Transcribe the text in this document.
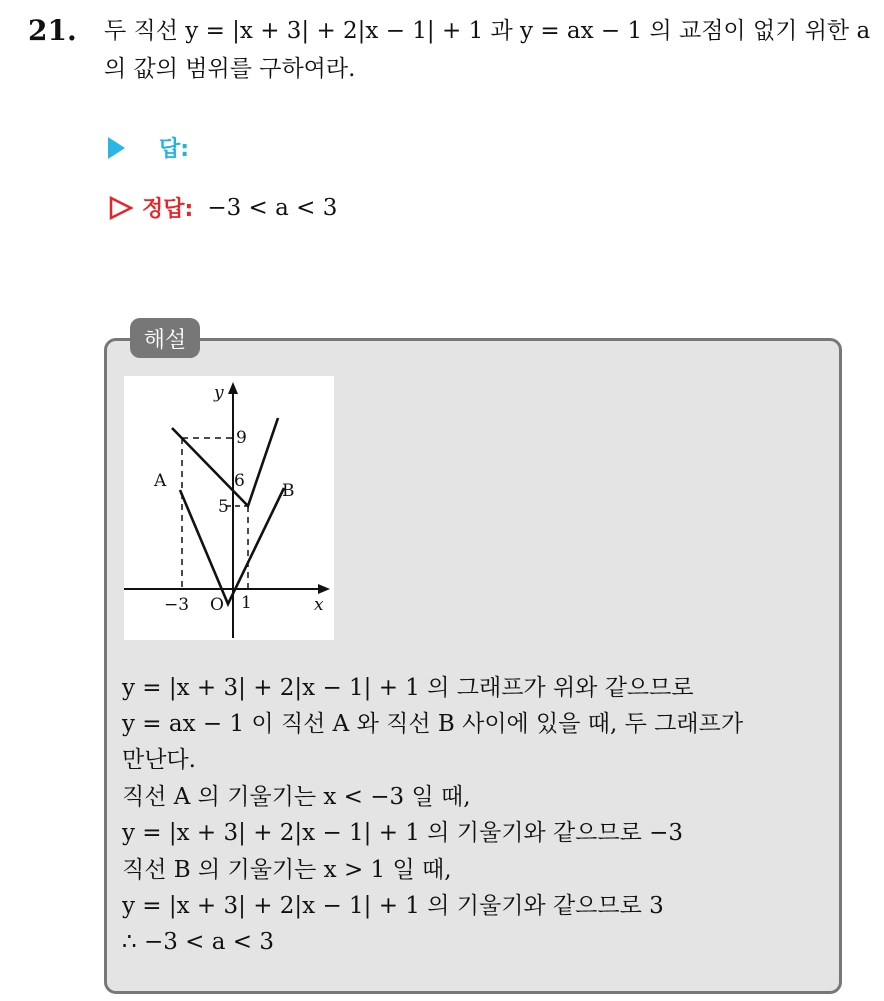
21. 두 직선 y = |x + 3| + 2|x − 1| + 1 과 y = ax − 1 의 교점이 없기 위한 a
의 값의 범위를 구하여라.
답:
정답: −3 < a < 3
해설
y
x
O
−3	1
9
6
5
A	B
y = |x + 3| + 2|x − 1| + 1 의 그래프가 위와 같으므로
y = ax − 1 이 직선 A 와 직선 B 사이에 있을 때, 두 그래프가
만난다.
직선 A 의 기울기는 x < −3 일 때,
y = |x + 3| + 2|x − 1| + 1 의 기울기와 같으므로 −3
직선 B 의 기울기는 x > 1 일 때,
y = |x + 3| + 2|x − 1| + 1 의 기울기와 같으므로 3
∴ −3 < a < 3
